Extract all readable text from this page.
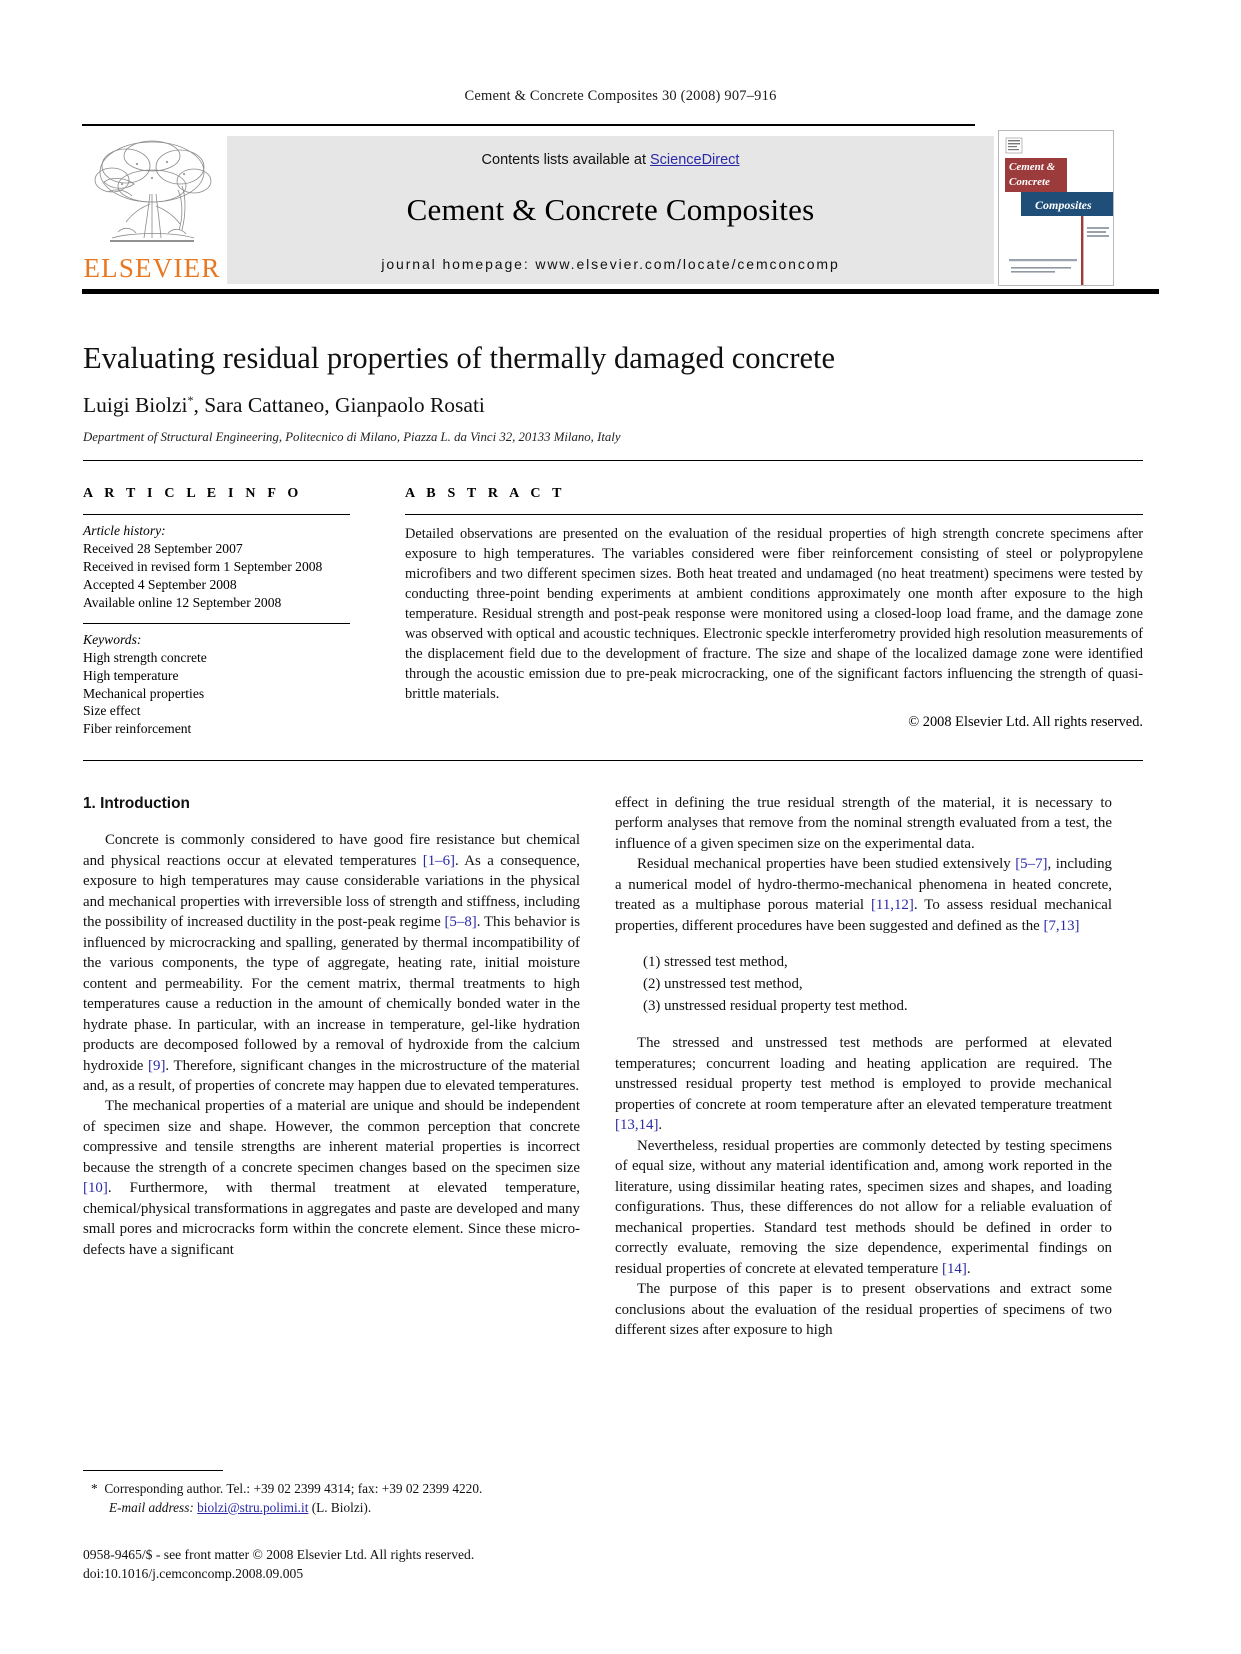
Cement & Concrete Composites 30 (2008) 907–916
ELSEVIER
Contents lists available at ScienceDirect
Cement & Concrete Composites
journal homepage: www.elsevier.com/locate/cemconcomp
Cement &
Concrete
Composites
Evaluating residual properties of thermally damaged concrete
Luigi Biolzi*, Sara Cattaneo, Gianpaolo Rosati
Department of Structural Engineering, Politecnico di Milano, Piazza L. da Vinci 32, 20133 Milano, Italy
A R T I C L E I N F O
Article history:
Received 28 September 2007
Received in revised form 1 September 2008
Accepted 4 September 2008
Available online 12 September 2008
Keywords:
High strength concrete
High temperature
Mechanical properties
Size effect
Fiber reinforcement
A B S T R A C T
Detailed observations are presented on the evaluation of the residual properties of high strength concrete specimens after exposure to high temperatures. The variables considered were fiber reinforcement consisting of steel or polypropylene microfibers and two different specimen sizes. Both heat treated and undamaged (no heat treatment) specimens were tested by conducting three-point bending experiments at ambient conditions approximately one month after exposure to the high temperature. Residual strength and post-peak response were monitored using a closed-loop load frame, and the damage zone was observed with optical and acoustic techniques. Electronic speckle interferometry provided high resolution measurements of the displacement field due to the development of fracture. The size and shape of the localized damage zone were identified through the acoustic emission due to pre-peak microcracking, one of the significant factors influencing the strength of quasi-brittle materials.
© 2008 Elsevier Ltd. All rights reserved.
1. Introduction

Concrete is commonly considered to have good fire resistance but chemical and physical reactions occur at elevated temperatures [1–6]. As a consequence, exposure to high temperatures may cause considerable variations in the physical and mechanical properties with irreversible loss of strength and stiffness, including the possibility of increased ductility in the post-peak regime [5–8]. This behavior is influenced by microcracking and spalling, generated by thermal incompatibility of the various components, the type of aggregate, heating rate, initial moisture content and permeability. For the cement matrix, thermal treatments to high temperatures cause a reduction in the amount of chemically bonded water in the hydrate phase. In particular, with an increase in temperature, gel-like hydration products are decomposed followed by a removal of hydroxide from the calcium hydroxide [9]. Therefore, significant changes in the microstructure of the material and, as a result, of properties of concrete may happen due to elevated temperatures.

The mechanical properties of a material are unique and should be independent of specimen size and shape. However, the common perception that concrete compressive and tensile strengths are inherent material properties is incorrect because the strength of a concrete specimen changes based on the specimen size [10]. Furthermore, with thermal treatment at elevated temperature, chemical/physical transformations in aggregates and paste are developed and many small pores and microcracks form within the concrete element. Since these micro-defects have a significant

effect in defining the true residual strength of the material, it is necessary to perform analyses that remove from the nominal strength evaluated from a test, the influence of a given specimen size on the experimental data.

Residual mechanical properties have been studied extensively [5–7], including a numerical model of hydro-thermo-mechanical phenomena in heated concrete, treated as a multiphase porous material [11,12]. To assess residual mechanical properties, different procedures have been suggested and defined as the [7,13]

(1) stressed test method,
(2) unstressed test method,
(3) unstressed residual property test method.

The stressed and unstressed test methods are performed at elevated temperatures; concurrent loading and heating application are required. The unstressed residual property test method is employed to provide mechanical properties of concrete at room temperature after an elevated temperature treatment [13,14].

Nevertheless, residual properties are commonly detected by testing specimens of equal size, without any material identification and, among work reported in the literature, using dissimilar heating rates, specimen sizes and shapes, and loading configurations. Thus, these differences do not allow for a reliable evaluation of mechanical properties. Standard test methods should be defined in order to correctly evaluate, removing the size dependence, experimental findings on residual properties of concrete at elevated temperature [14].

The purpose of this paper is to present observations and extract some conclusions about the evaluation of the residual properties of specimens of two different sizes after exposure to high

* Corresponding author. Tel.: +39 02 2399 4314; fax: +39 02 2399 4220.
E-mail address: biolzi@stru.polimi.it (L. Biolzi).
0958-9465/$ - see front matter © 2008 Elsevier Ltd. All rights reserved.
doi:10.1016/j.cemconcomp.2008.09.005
